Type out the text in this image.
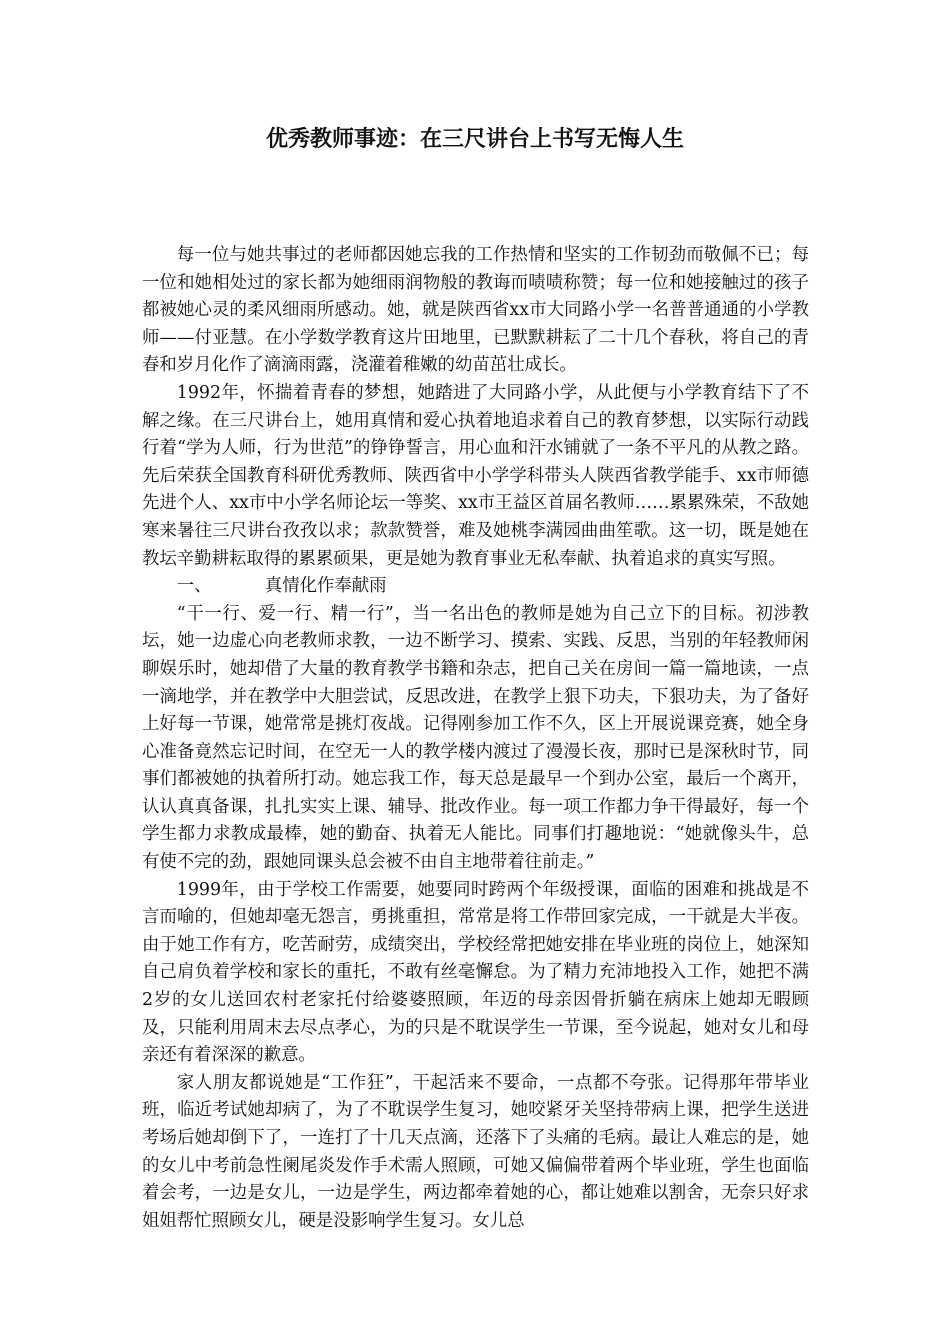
优秀教师事迹：在三尺讲台上书写无悔人生

每一位与她共事过的老师都因她忘我的工作热情和坚实的工作韧劲而敬佩不已；每一位和她相处过的家长都为她细雨润物般的教诲而啧啧称赞；每一位和她接触过的孩子都被她心灵的柔风细雨所感动。她，就是陕西省xx市大同路小学一名普普通通的小学教师——付亚慧。在小学数学教育这片田地里，已默默耕耘了二十几个春秋，将自己的青春和岁月化作了滴滴雨露，浇灌着稚嫩的幼苗茁壮成长。

1992年，怀揣着青春的梦想，她踏进了大同路小学，从此便与小学教育结下了不解之缘。在三尺讲台上，她用真情和爱心执着地追求着自己的教育梦想，以实际行动践行着“学为人师，行为世范”的铮铮誓言，用心血和汗水铺就了一条不平凡的从教之路。先后荣获全国教育科研优秀教师、陕西省中小学学科带头人陕西省教学能手、xx市师德先进个人、xx市中小学名师论坛一等奖、xx市王益区首届名教师……累累殊荣，不敌她寒来暑往三尺讲台孜孜以求；款款赞誉，难及她桃李满园曲曲笙歌。这一切，既是她在教坛辛勤耕耘取得的累累硕果，更是她为教育事业无私奉献、执着追求的真实写照。

一、	真情化作奉献雨

“干一行、爱一行、精一行”，当一名出色的教师是她为自己立下的目标。初涉教坛，她一边虚心向老教师求教，一边不断学习、摸索、实践、反思，当别的年轻教师闲聊娱乐时，她却借了大量的教育教学书籍和杂志，把自己关在房间一篇一篇地读，一点一滴地学，并在教学中大胆尝试，反思改进，在教学上狠下功夫，下狠功夫，为了备好上好每一节课，她常常是挑灯夜战。记得刚参加工作不久，区上开展说课竞赛，她全身心准备竟然忘记时间，在空无一人的教学楼内渡过了漫漫长夜，那时已是深秋时节，同事们都被她的执着所打动。她忘我工作，每天总是最早一个到办公室，最后一个离开，认认真真备课，扎扎实实上课、辅导、批改作业。每一项工作都力争干得最好，每一个学生都力求教成最棒，她的勤奋、执着无人能比。同事们打趣地说：“她就像头牛，总有使不完的劲，跟她同课头总会被不由自主地带着往前走。”

1999年，由于学校工作需要，她要同时跨两个年级授课，面临的困难和挑战是不言而喻的，但她却毫无怨言，勇挑重担，常常是将工作带回家完成，一干就是大半夜。由于她工作有方，吃苦耐劳，成绩突出，学校经常把她安排在毕业班的岗位上，她深知自己肩负着学校和家长的重托，不敢有丝毫懈怠。为了精力充沛地投入工作，她把不满2岁的女儿送回农村老家托付给婆婆照顾，年迈的母亲因骨折躺在病床上她却无暇顾及，只能利用周末去尽点孝心，为的只是不耽误学生一节课，至今说起，她对女儿和母亲还有着深深的歉意。

家人朋友都说她是“工作狂”，干起活来不要命，一点都不夸张。记得那年带毕业班，临近考试她却病了，为了不耽误学生复习，她咬紧牙关坚持带病上课，把学生送进考场后她却倒下了，一连打了十几天点滴，还落下了头痛的毛病。最让人难忘的是，她的女儿中考前急性阑尾炎发作手术需人照顾，可她又偏偏带着两个毕业班，学生也面临着会考，一边是女儿，一边是学生，两边都牵着她的心，都让她难以割舍，无奈只好求姐姐帮忙照顾女儿，硬是没影响学生复习。女儿总
